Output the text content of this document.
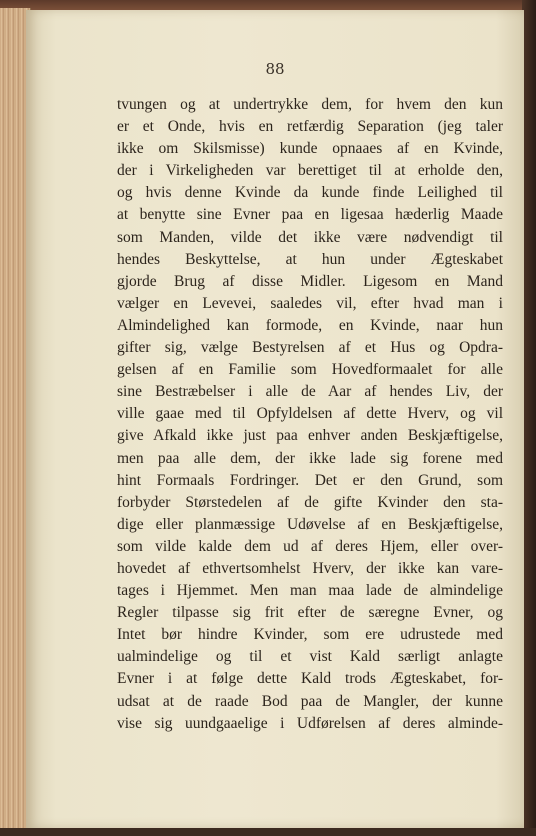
88
tvungen og at undertrykke dem, for hvem den kun
er et Onde, hvis en retfærdig Separation (jeg taler
ikke om Skilsmisse) kunde opnaaes af en Kvinde,
der i Virkeligheden var berettiget til at erholde den,
og hvis denne Kvinde da kunde finde Leilighed til
at benytte sine Evner paa en ligesaa hæderlig Maade
som Manden, vilde det ikke være nødvendigt til
hendes Beskyttelse, at hun under Ægteskabet
gjorde Brug af disse Midler. Ligesom en Mand
vælger en Levevei, saaledes vil, efter hvad man i
Almindelighed kan formode, en Kvinde, naar hun
gifter sig, vælge Bestyrelsen af et Hus og Opdra-
gelsen af en Familie som Hovedformaalet for alle
sine Bestræbelser i alle de Aar af hendes Liv, der
ville gaae med til Opfyldelsen af dette Hverv, og vil
give Afkald ikke just paa enhver anden Beskjæftigelse,
men paa alle dem, der ikke lade sig forene med
hint Formaals Fordringer. Det er den Grund, som
forbyder Størstedelen af de gifte Kvinder den sta-
dige eller planmæssige Udøvelse af en Beskjæftigelse,
som vilde kalde dem ud af deres Hjem, eller over-
hovedet af ethvertsomhelst Hverv, der ikke kan vare-
tages i Hjemmet. Men man maa lade de almindelige
Regler tilpasse sig frit efter de særegne Evner, og
Intet bør hindre Kvinder, som ere udrustede med
ualmindelige og til et vist Kald særligt anlagte
Evner i at følge dette Kald trods Ægteskabet, for-
udsat at de raade Bod paa de Mangler, der kunne
vise sig uundgaaelige i Udførelsen af deres alminde-
